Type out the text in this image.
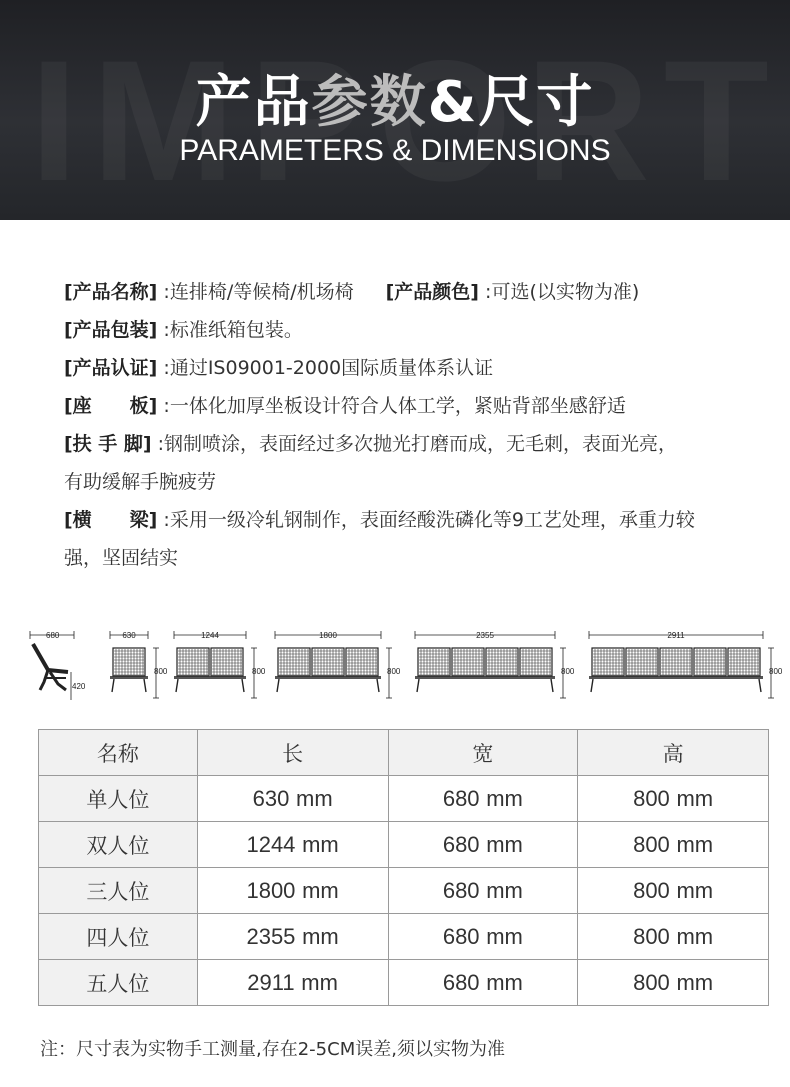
产品参数&尺寸
PARAMETERS & DIMENSIONS
[产品名称] :连排椅/等候椅/机场椅 [产品颜色] :可选(以实物为准)
[产品包装] :标准纸箱包装。
[产品认证] :通过IS09001-2000国际质量体系认证
[座　　板] :一体化加厚坐板设计符合人体工学，紧贴背部坐感舒适
[扶 手 脚] :钢制喷涂，表面经过多次抛光打磨而成，无毛刺，表面光亮，
有助缓解手腕疲劳
[横　　梁] :采用一级冷轧钢制作，表面经酸洗磷化等9工艺处理，承重力较
强，坚固结实
680
420
630
800
1244
800
1800
800
2355
800
2911
800
名称	长	宽	高
单人位	630 mm	680 mm	800 mm
双人位	1244 mm	680 mm	800 mm
三人位	1800 mm	680 mm	800 mm
四人位	2355 mm	680 mm	800 mm
五人位	2911 mm	680 mm	800 mm
注：尺寸表为实物手工测量,存在2-5CM误差,须以实物为准
